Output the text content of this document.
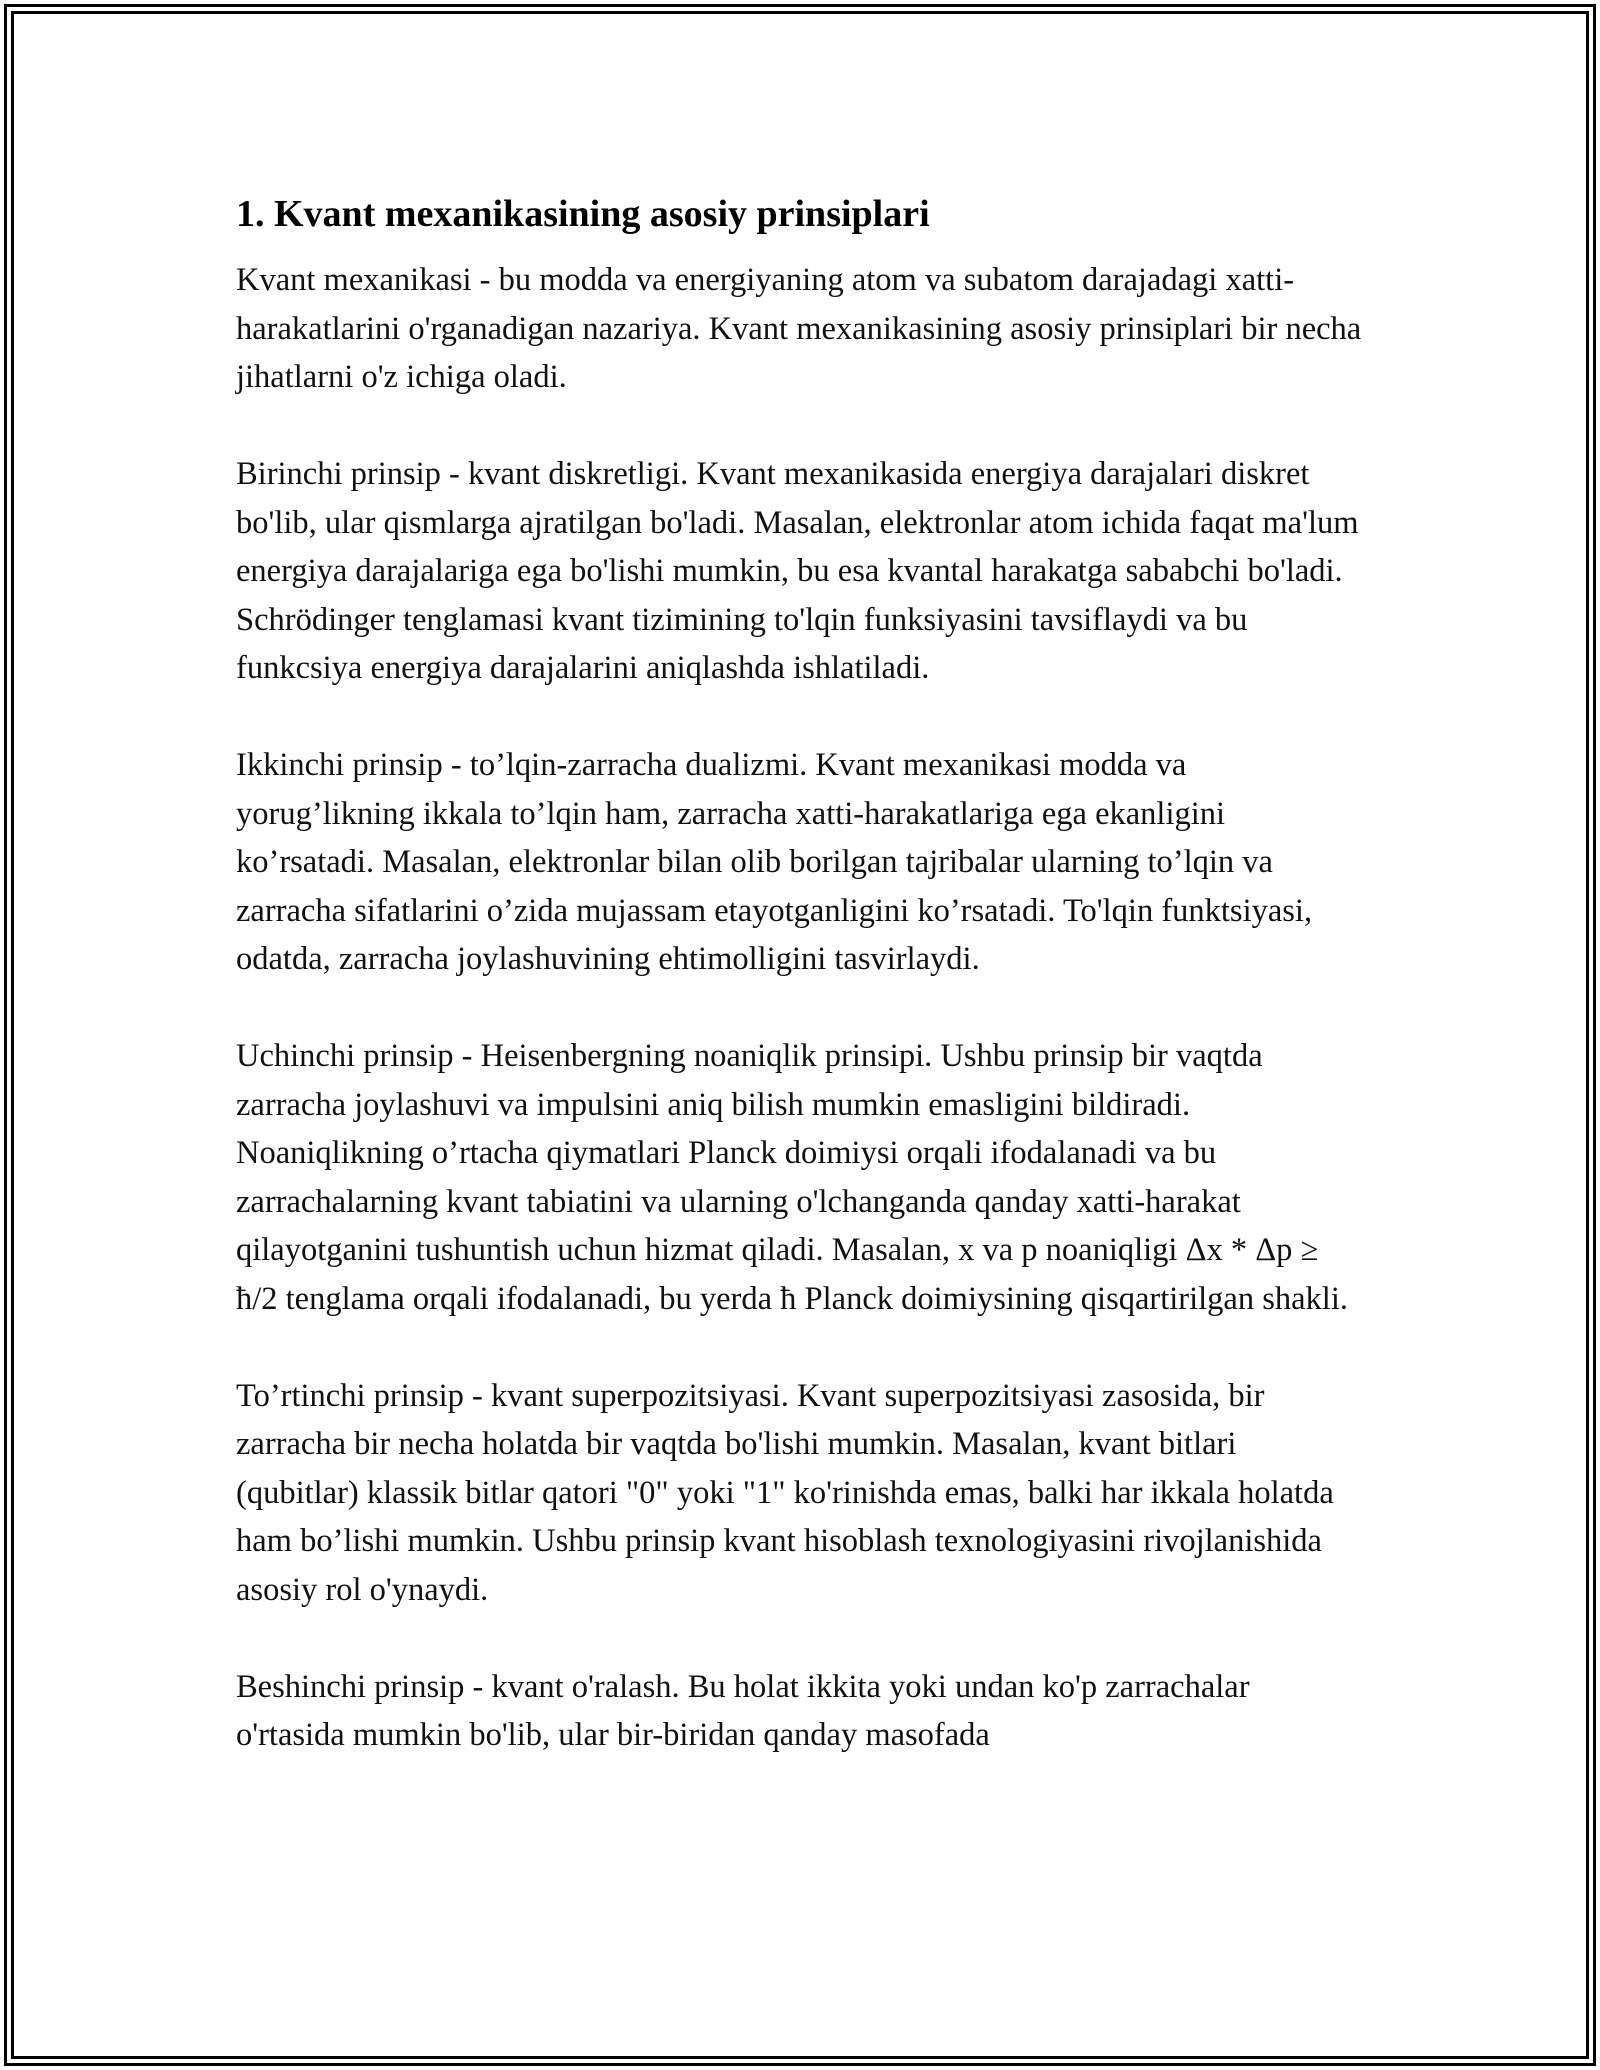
1. Kvant mexanikasining asosiy prinsiplari

Kvant mexanikasi - bu modda va energiyaning atom va subatom darajadagi xatti-harakatlarini o'rganadigan nazariya. Kvant mexanikasining asosiy prinsiplari bir necha jihatlarni o'z ichiga oladi.

Birinchi prinsip - kvant diskretligi. Kvant mexanikasida energiya darajalari diskret bo'lib, ular qismlarga ajratilgan bo'ladi. Masalan, elektronlar atom ichida faqat ma'lum energiya darajalariga ega bo'lishi mumkin, bu esa kvantal harakatga sababchi bo'ladi. Schrödinger tenglamasi kvant tizimining to'lqin funksiyasini tavsiflaydi va bu funkcsiya energiya darajalarini aniqlashda ishlatiladi.

Ikkinchi prinsip - to’lqin-zarracha dualizmi. Kvant mexanikasi modda va yorug’likning ikkala to’lqin ham, zarracha xatti-harakatlariga ega ekanligini ko’rsatadi. Masalan, elektronlar bilan olib borilgan tajribalar ularning to’lqin va zarracha sifatlarini o’zida mujassam etayotganligini ko’rsatadi. To'lqin funktsiyasi, odatda, zarracha joylashuvining ehtimolligini tasvirlaydi.

Uchinchi prinsip - Heisenbergning noaniqlik prinsipi. Ushbu prinsip bir vaqtda zarracha joylashuvi va impulsini aniq bilish mumkin emasligini bildiradi. Noaniqlikning o’rtacha qiymatlari Planck doimiysi orqali ifodalanadi va bu zarrachalarning kvant tabiatini va ularning o'lchanganda qanday xatti-harakat qilayotganini tushuntish uchun hizmat qiladi. Masalan, x va p noaniqligi Δx * Δp ≥ ħ/2 tenglama orqali ifodalanadi, bu yerda ħ Planck doimiysining qisqartirilgan shakli.

To’rtinchi prinsip - kvant superpozitsiyasi. Kvant superpozitsiyasi zasosida, bir zarracha bir necha holatda bir vaqtda bo'lishi mumkin. Masalan, kvant bitlari (qubitlar) klassik bitlar qatori "0" yoki "1" ko'rinishda emas, balki har ikkala holatda ham bo’lishi mumkin. Ushbu prinsip kvant hisoblash texnologiyasini rivojlanishida asosiy rol o'ynaydi.

Beshinchi prinsip - kvant o'ralash. Bu holat ikkita yoki undan ko'p zarrachalar o'rtasida mumkin bo'lib, ular bir-biridan qanday masofada
